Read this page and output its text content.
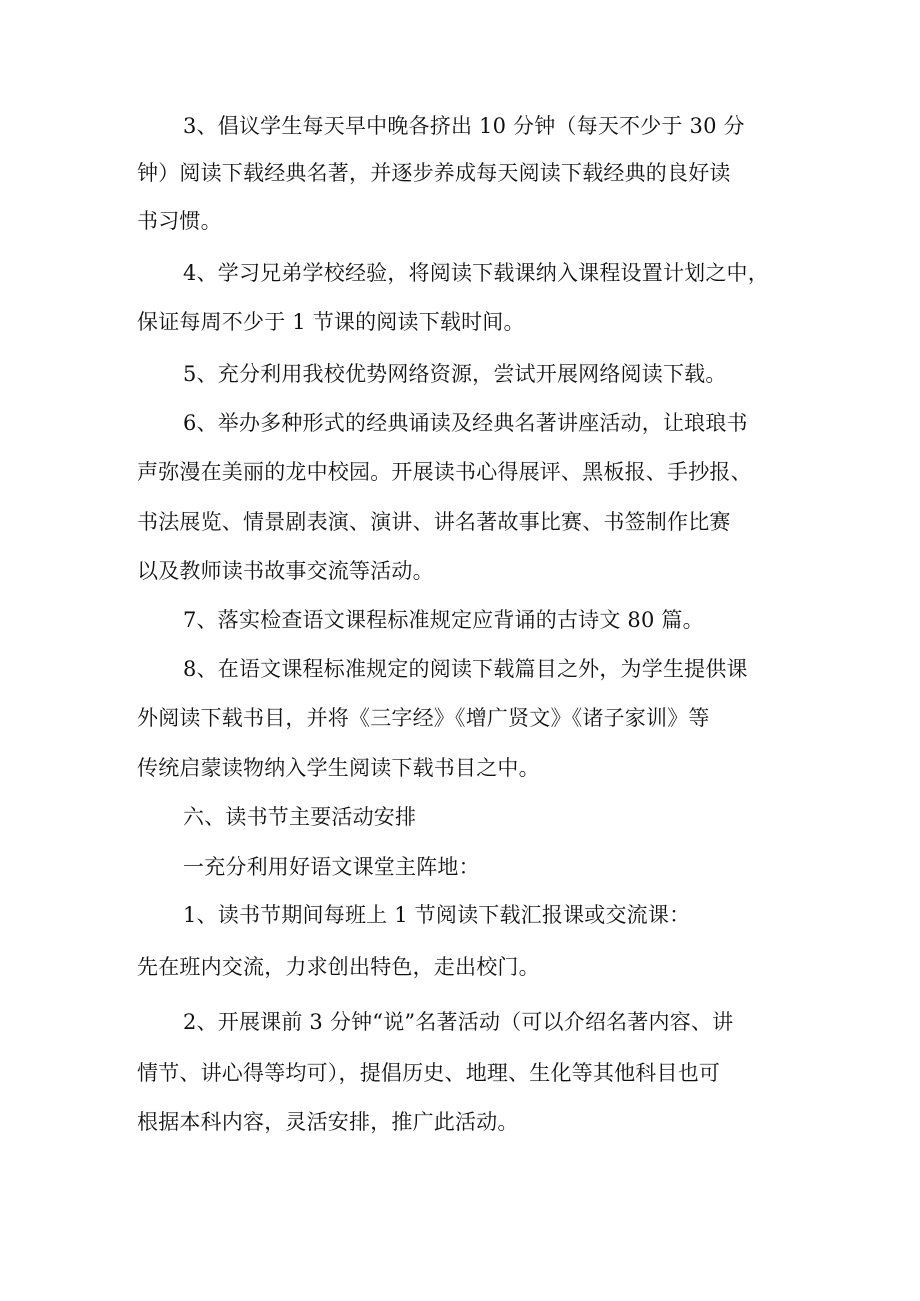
3、倡议学生每天早中晚各挤出 10 分钟（每天不少于 30 分
钟）阅读下载经典名著，并逐步养成每天阅读下载经典的良好读
书习惯。
4、学习兄弟学校经验，将阅读下载课纳入课程设置计划之中，
保证每周不少于 1 节课的阅读下载时间。
5、充分利用我校优势网络资源，尝试开展网络阅读下载。
6、举办多种形式的经典诵读及经典名著讲座活动，让琅琅书
声弥漫在美丽的龙中校园。开展读书心得展评、黑板报、手抄报、
书法展览、情景剧表演、演讲、讲名著故事比赛、书签制作比赛
以及教师读书故事交流等活动。
7、落实检查语文课程标准规定应背诵的古诗文 80 篇。
8、在语文课程标准规定的阅读下载篇目之外，为学生提供课
外阅读下载书目，并将《三字经》《增广贤文》《诸子家训》等
传统启蒙读物纳入学生阅读下载书目之中。
六、读书节主要活动安排
一充分利用好语文课堂主阵地：
1、读书节期间每班上 1 节阅读下载汇报课或交流课：
先在班内交流，力求创出特色，走出校门。
2、开展课前 3 分钟“说”名著活动（可以介绍名著内容、讲
情节、讲心得等均可），提倡历史、地理、生化等其他科目也可
根据本科内容，灵活安排，推广此活动。
